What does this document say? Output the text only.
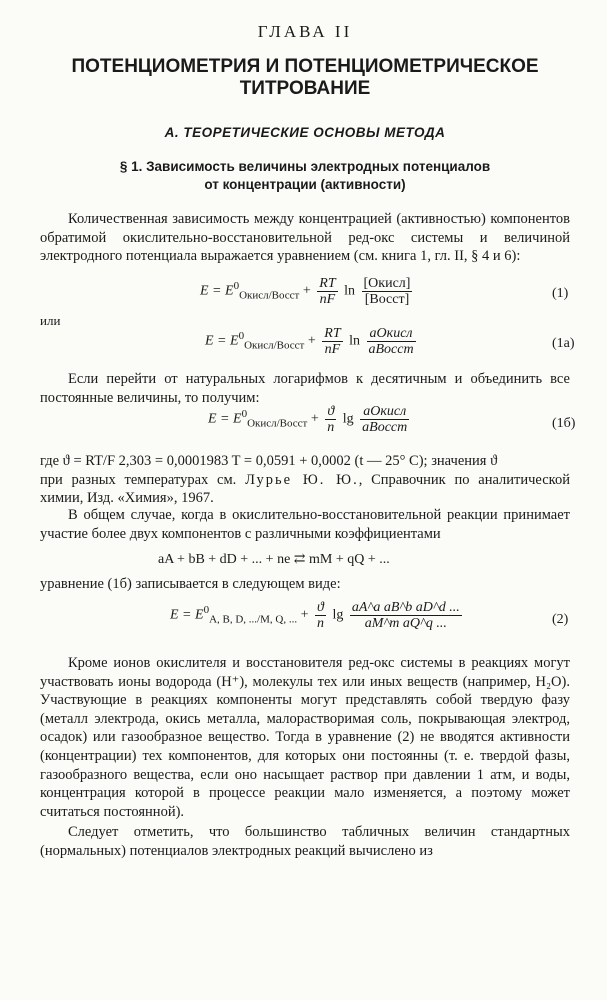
ГЛАВА II
ПОТЕНЦИОМЕТРИЯ И ПОТЕНЦИОМЕТРИЧЕСКОЕ
ТИТРОВАНИЕ
А. ТЕОРЕТИЧЕСКИЕ ОСНОВЫ МЕТОДА
§ 1. Зависимость величины электродных потенциалов
от концентрации (активности)

Количественная зависимость между концентрацией (активностью) компонентов обратимой окислительно-восстановительной ред-окс системы и величиной электродного потенциала выражается уравнением (см. книга 1, гл. II, § 4 и 6):

$E = E^0_{Окисл/Восст} + \frac{RT}{nF}$ $\ln \frac{\text{[Окисл]}}{\text{[Восст]}}$	(1)
или
$E = E^0_{Окисл/Восст} + \frac{RT}{nF}$ $\ln \frac{\text{aОкисл}}{\text{aВосст}}$	(1а)

Если перейти от натуральных логарифмов к десятичным и объединить все постоянные величины, то получим:

$E = E^0_{Окисл/Восст} + \frac{ϑ}{n}$ $\lg \frac{\text{aОкисл}}{\text{aВосст}}$	(1б)
где ϑ = RT/F 2,303 = 0,0001983 T = 0,0591 + 0,0002 (t — 25° C); значения ϑ
при разных температурах см. Лурье Ю. Ю., Справочник по аналитической химии, Изд. «Химия», 1967.

В общем случае, когда в окислительно-восстановительной реакции принимает участие более двух компонентов с различными коэффициентами

aA + bB + dD + ... + ne ⇄ mM + qQ + ...

уравнение (1б) записывается в следующем виде:

$E = E^0_{A, B, D, .../M, Q, ...} + \frac{ϑ}{n}$ $\lg \frac{\text{aA\textasciicircum{}a aB\textasciicircum{}b aD\textasciicircum{}d ...}}{\text{aM\textasciicircum{}m aQ\textasciicircum{}q ...}}$	(2)

Кроме ионов окислителя и восстановителя ред-окс системы в реакциях могут участвовать ионы водорода (H⁺), молекулы тех или иных веществ (например, H₂O). Участвующие в реакциях компоненты могут представлять собой твердую фазу (металл электрода, окись металла, малорастворимая соль, покрывающая электрод, осадок) или газообразное вещество. Тогда в уравнение (2) не вводятся активности (концентрации) тех компонентов, для которых они постоянны (т. е. твердой фазы, газообразного вещества, если оно насыщает раствор при давлении 1 атм, и воды, концентрация которой в процессе реакции мало изменяется, а поэтому может считаться постоянной).

Следует отметить, что большинство табличных величин стандартных (нормальных) потенциалов электродных реакций вычислено из
